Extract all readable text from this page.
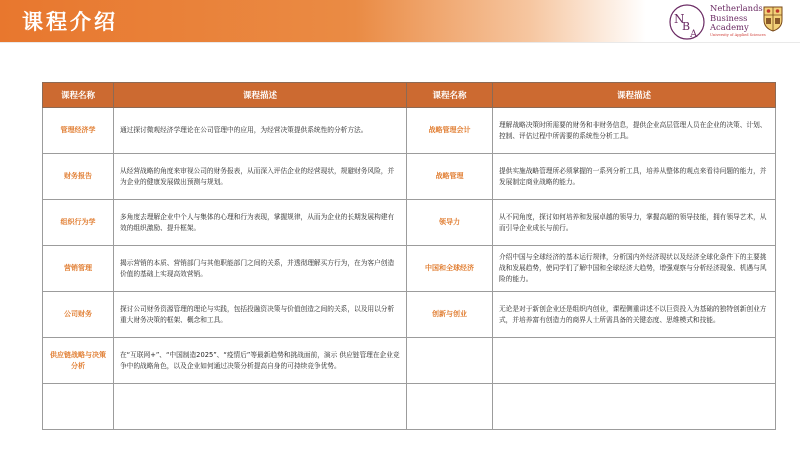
课程介绍	N
B
A
Netherlands
Business
Academy
University of Applied Sciences
课程名称	课程描述	课程名称	课程描述
管理经济学	通过探讨微观经济学理论在公司管理中的应用，为经营决策提供系统性的分析方法。	战略管理会计	理解战略决策时所需要的财务和非财务信息，提供企业高层管理人员在企业的决策、计划、控制、评估过程中所需要的系统性分析工具。
财务报告	从经营战略的角度来审视公司的财务报表，从而深入评估企业的经营现状，规避财务风险，并为企业的健康发展做出预测与规划。	战略管理	提供实施战略管理所必须掌握的一系列分析工具，培养从整体的观点来看待问题的能力，并发展制定商业战略的能力。
组织行为学	多角度去理解企业中个人与集体的心理和行为表现，掌握规律，从而为企业的长期发展构建有效的组织激励、提升框架。	领导力	从不同角度，探讨如何培养和发展卓越的领导力，掌握高超的领导技能，拥有领导艺术，从而引导企业成长与前行。
营销管理	揭示营销的本质、营销部门与其他职能部门之间的关系，并透彻理解买方行为，在为客户创造价值的基础上实现高效营销。	中国和全球经济	介绍中国与全球经济的基本运行规律，分析国内外经济现状以及经济全球化条件下的主要挑战和发展趋势，使同学们了解中国和全球经济大趋势，增强观察与分析经济现象、机遇与风险的能力。
公司财务	探讨公司财务资源管理的理论与实践，包括投融资决策与价值创造之间的关系，以及用以分析重大财务决策的框架、概念和工具。	创新与创业	无论是对于新创企业还是组织内创业，课程侧重讲述不以巨资投入为基础的独特创新创业方式，并培养富有创造力的商界人士所需具备的关键态度、思维模式和技能。
供应链战略与决策分析	在“互联网+”、“中国制造2025”、“疫情后”等最新趋势和挑战面前，演示 供应链管理在企业竞争中的战略角色，以及企业如何通过决策分析提高自身的可持续竞争优势。		
